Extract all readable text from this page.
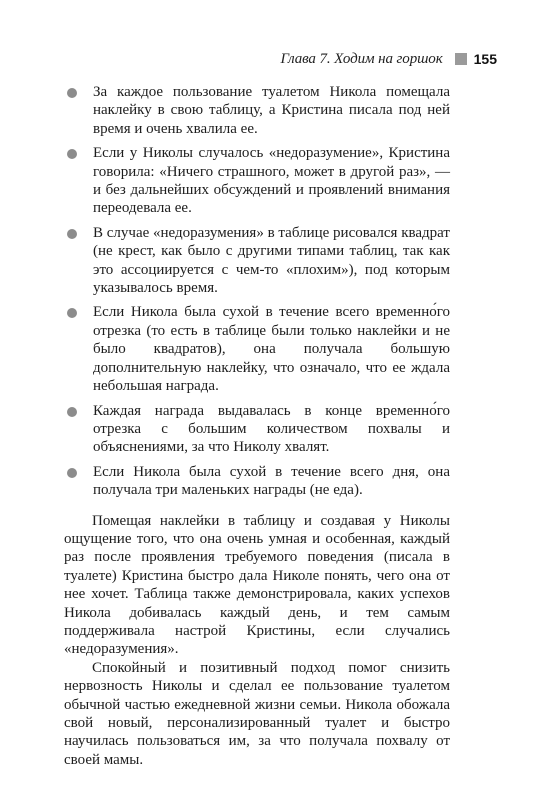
Глава 7. Ходим на горшок 155
За каждое пользование туалетом Никола помещала наклейку в свою таблицу, а Кристина писала под ней время и очень хвалила ее.
Если у Николы случалось «недоразумение», Кристина говорила: «Ничего страшного, может в другой раз», — и без дальнейших обсуждений и проявлений внимания переодевала ее.
В случае «недоразумения» в таблице рисовался квадрат (не крест, как было с другими типами таблиц, так как это ассоциируется с чем-то «плохим»), под которым указывалось время.
Если Никола была сухой в течение всего временно́го отрезка (то есть в таблице были только наклейки и не было квадратов), она получала большую дополнительную наклейку, что означало, что ее ждала небольшая награда.
Каждая награда выдавалась в конце временно́го отрезка с большим количеством похвалы и объяснениями, за что Николу хвалят.
Если Никола была сухой в течение всего дня, она получала три маленьких награды (не еда).

Помещая наклейки в таблицу и создавая у Николы ощущение того, что она очень умная и особенная, каждый раз после проявления требуемого поведения (писала в туалете) Кристина быстро дала Николе понять, чего она от нее хочет. Таблица также демонстрировала, каких успехов Никола добивалась каждый день, и тем самым поддерживала настрой Кристины, если случались «недоразумения».

Спокойный и позитивный подход помог снизить нервозность Николы и сделал ее пользование туалетом обычной частью ежедневной жизни семьи. Никола обожала свой новый, персонализированный туалет и быстро научилась пользоваться им, за что получала похвалу от своей мамы.
